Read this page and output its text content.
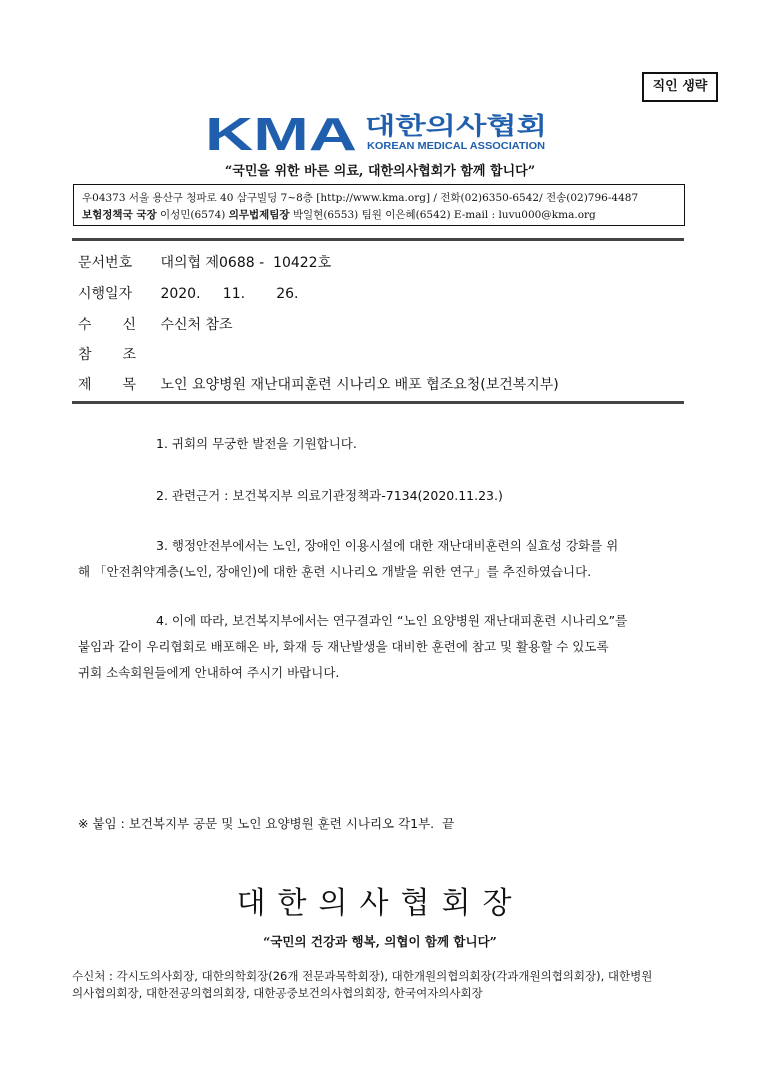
직인 생략
KMA 대한의사협회
KOREAN MEDICAL ASSOCIATION
“국민을 위한 바른 의료, 대한의사협회가 함께 합니다”
우04373 서울 용산구 청파로 40 삼구빌딩 7~8층 [http://www.kma.org] / 전화(02)6350-6542/ 전송(02)796-4487
보험정책국 국장 이성민(6574) 의무법제팀장 박일현(6553) 팀원 이은혜(6542) E-mail : luvu000@kma.org
문서번호 대의협 제0688 -  10422호
시행일자 2020.     11.       26.
수 신 수신처 참조
참 조
제 목 노인 요양병원 재난대피훈련 시나리오 배포 협조요청(보건복지부)
1. 귀회의 무궁한 발전을 기원합니다.
2. 관련근거 : 보건복지부 의료기관정책과-7134(2020.11.23.)
3. 행정안전부에서는 노인, 장애인 이용시설에 대한 재난대비훈련의 실효성 강화를 위
해 「안전취약계층(노인, 장애인)에 대한 훈련 시나리오 개발을 위한 연구」를 추진하였습니다.
4. 이에 따라, 보건복지부에서는 연구결과인 “노인 요양병원 재난대피훈련 시나리오”를
붙임과 같이 우리협회로 배포해온 바, 화재 등 재난발생을 대비한 훈련에 참고 및 활용할 수 있도록
귀회 소속회원들에게 안내하여 주시기 바랍니다.
※ 붙임 : 보건복지부 공문 및 노인 요양병원 훈련 시나리오 각1부.  끝
대한의사협회장
“국민의 건강과 행복, 의협이 함께 합니다”
수신처 : 각시도의사회장, 대한의학회장(26개 전문과목학회장), 대한개원의협의회장(각과개원의협의회장), 대한병원
의사협의회장, 대한전공의협의회장, 대한공중보건의사협의회장, 한국여자의사회장
